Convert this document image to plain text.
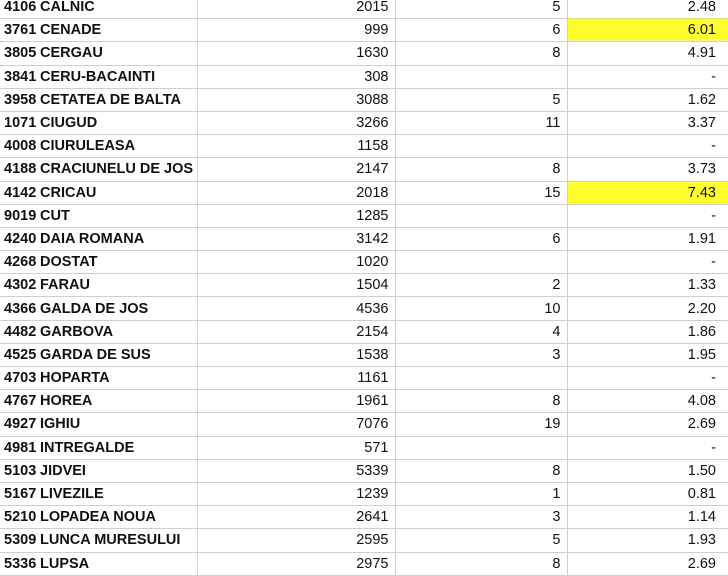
4106 CALNIC	2015	5	2.48
3761 CENADE	999	6	6.01
3805 CERGAU	1630	8	4.91
3841 CERU-BACAINTI	308		-
3958 CETATEA DE BALTA	3088	5	1.62
1071 CIUGUD	3266	11	3.37
4008 CIURULEASA	1158		-
4188 CRACIUNELU DE JOS	2147	8	3.73
4142 CRICAU	2018	15	7.43
9019 CUT	1285		-
4240 DAIA ROMANA	3142	6	1.91
4268 DOSTAT	1020		-
4302 FARAU	1504	2	1.33
4366 GALDA DE JOS	4536	10	2.20
4482 GARBOVA	2154	4	1.86
4525 GARDA DE SUS	1538	3	1.95
4703 HOPARTA	1161		-
4767 HOREA	1961	8	4.08
4927 IGHIU	7076	19	2.69
4981 INTREGALDE	571		-
5103 JIDVEI	5339	8	1.50
5167 LIVEZILE	1239	1	0.81
5210 LOPADEA NOUA	2641	3	1.14
5309 LUNCA MURESULUI	2595	5	1.93
5336 LUPSA	2975	8	2.69
